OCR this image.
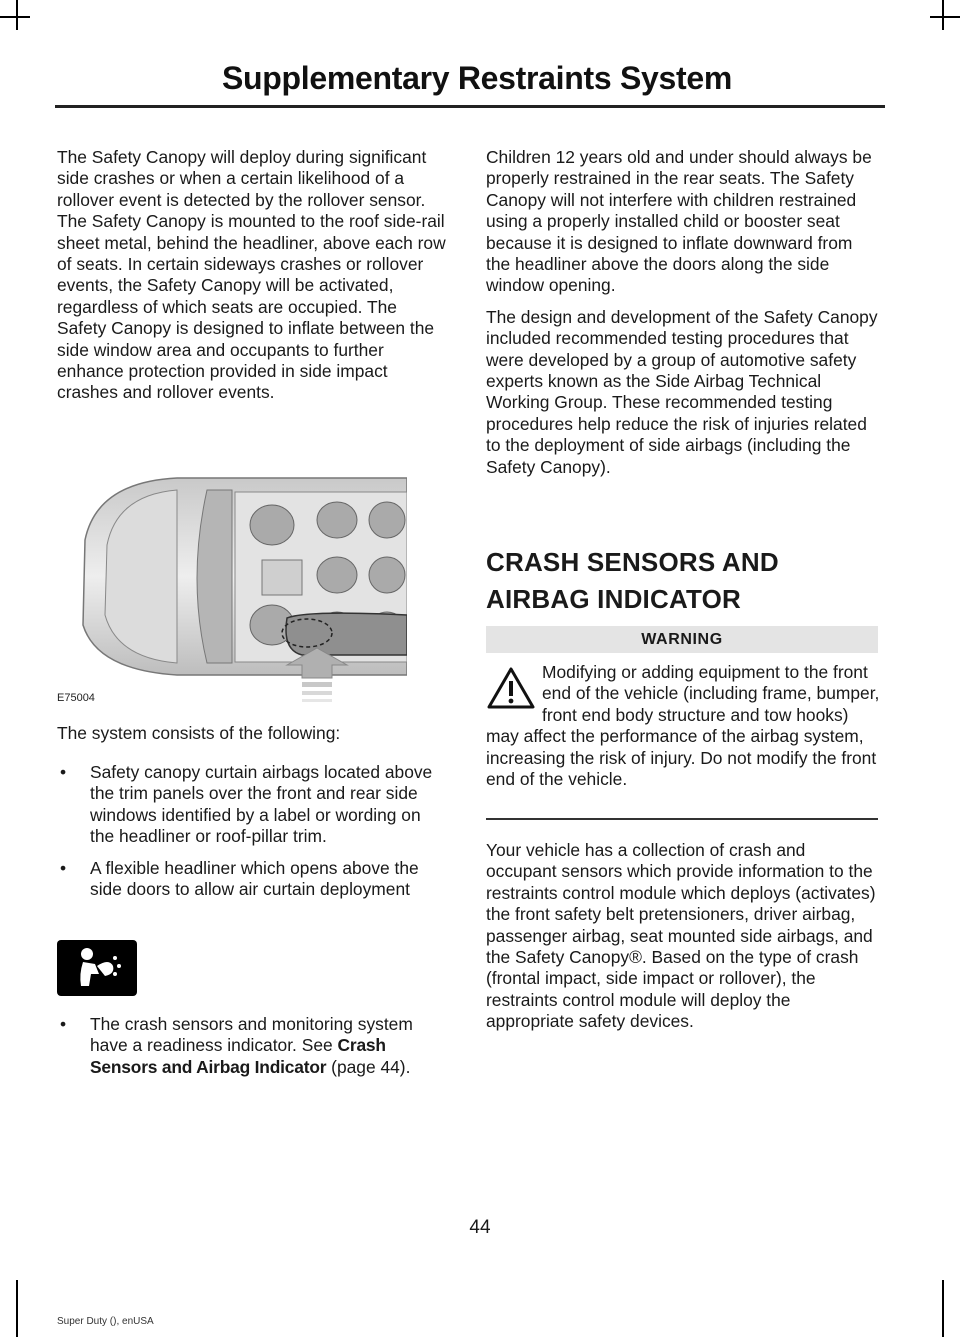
Supplementary Restraints System

The Safety Canopy will deploy during significant side crashes or when a certain likelihood of a rollover event is detected by the rollover sensor. The Safety Canopy is mounted to the roof side-rail sheet metal, behind the headliner, above each row of seats. In certain sideways crashes or rollover events, the Safety Canopy will be activated, regardless of which seats are occupied. The Safety Canopy is designed to inflate between the side window area and occupants to further enhance protection provided in side impact crashes and rollover events.

E75004
The system consists of the following:
• Safety canopy curtain airbags located above the trim panels over the front and rear side windows identified by a label or wording on the headliner or roof-pillar trim.
• A flexible headliner which opens above the side doors to allow air curtain deployment
• The crash sensors and monitoring system have a readiness indicator. See Crash Sensors and Airbag Indicator (page 44).

Children 12 years old and under should always be properly restrained in the rear seats. The Safety Canopy will not interfere with children restrained using a properly installed child or booster seat because it is designed to inflate downward from the headliner above the doors along the side window opening.

The design and development of the Safety Canopy included recommended testing procedures that were developed by a group of automotive safety experts known as the Side Airbag Technical Working Group. These recommended testing procedures help reduce the risk of injuries related to the deployment of side airbags (including the Safety Canopy).

CRASH SENSORS AND
AIRBAG INDICATOR
WARNING
Modifying or adding equipment to the front end of the vehicle (including frame, bumper, front end body structure and tow hooks) may affect the performance of the airbag system, increasing the risk of injury. Do not modify the front end of the vehicle.
Your vehicle has a collection of crash and occupant sensors which provide information to the restraints control module which deploys (activates) the front safety belt pretensioners, driver airbag, passenger airbag, seat mounted side airbags, and the Safety Canopy®. Based on the type of crash (frontal impact, side impact or rollover), the restraints control module will deploy the appropriate safety devices.
44
Super Duty (), enUSA
